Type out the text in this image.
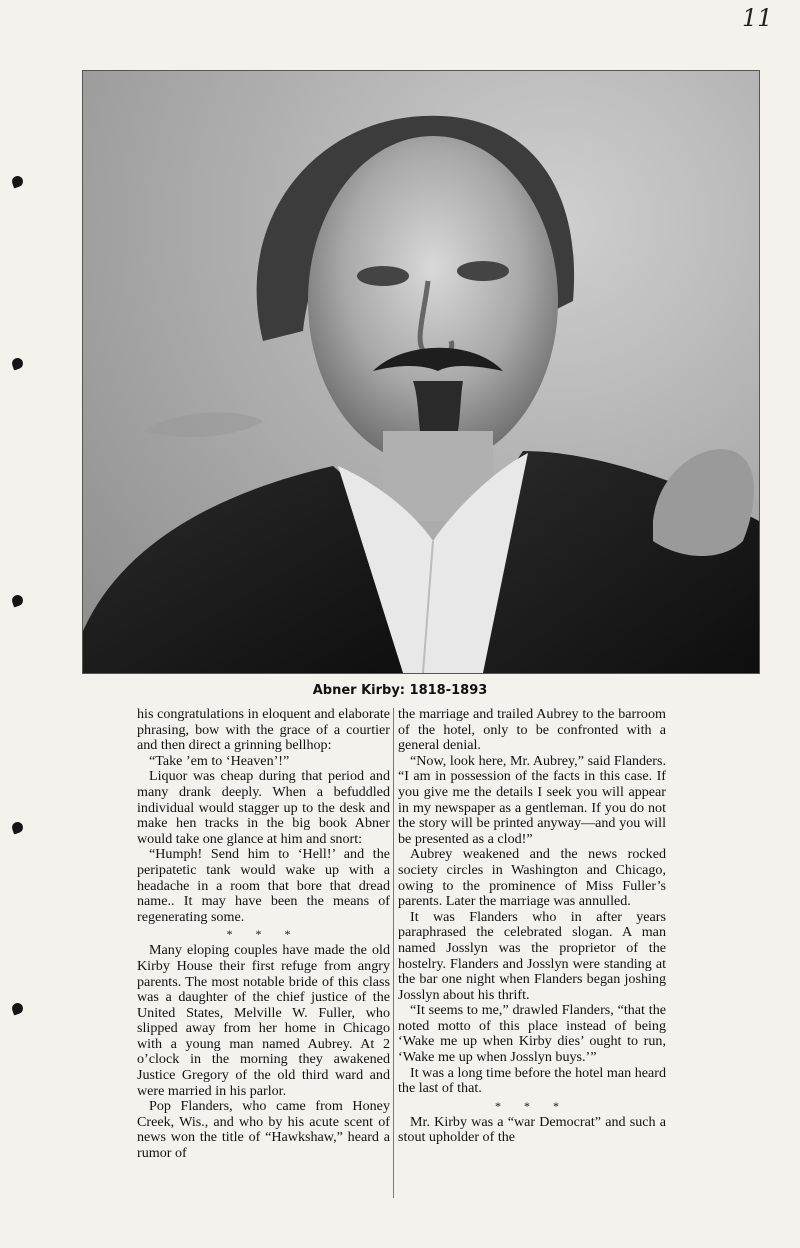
11
Abner Kirby: 1818-1893

his congratulations in eloquent and elaborate phrasing, bow with the grace of a courtier and then direct a grinning bellhop:

“Take ’em to ‘Heaven’!”

Liquor was cheap during that period and many drank deeply. When a befuddled individual would stagger up to the desk and make hen tracks in the big book Abner would take one glance at him and snort:

“Humph! Send him to ‘Hell!’ and the peripatetic tank would wake up with a headache in a room that bore that dread name.. It may have been the means of regenerating some.

* * *

Many eloping couples have made the old Kirby House their first refuge from angry parents. The most notable bride of this class was a daughter of the chief justice of the United States, Melville W. Fuller, who slipped away from her home in Chicago with a young man named Aubrey. At 2 o’clock in the morning they awakened Justice Gregory of the old third ward and were married in his parlor.

Pop Flanders, who came from Honey Creek, Wis., and who by his acute scent of news won the title of “Hawkshaw,” heard a rumor of

the marriage and trailed Aubrey to the barroom of the hotel, only to be confronted with a general denial.

“Now, look here, Mr. Aubrey,” said Flanders. “I am in possession of the facts in this case. If you give me the details I seek you will appear in my newspaper as a gentleman. If you do not the story will be printed anyway—and you will be presented as a clod!”

Aubrey weakened and the news rocked society circles in Washington and Chicago, owing to the prominence of Miss Fuller’s parents. Later the marriage was annulled.

It was Flanders who in after years paraphrased the celebrated slogan. A man named Josslyn was the proprietor of the hostelry. Flanders and Josslyn were standing at the bar one night when Flanders began joshing Josslyn about his thrift.

“It seems to me,” drawled Flanders, “that the noted motto of this place instead of being ‘Wake me up when Kirby dies’ ought to run, ‘Wake me up when Josslyn buys.’”

It was a long time before the hotel man heard the last of that.

* * *

Mr. Kirby was a “war Democrat” and such a stout upholder of the
